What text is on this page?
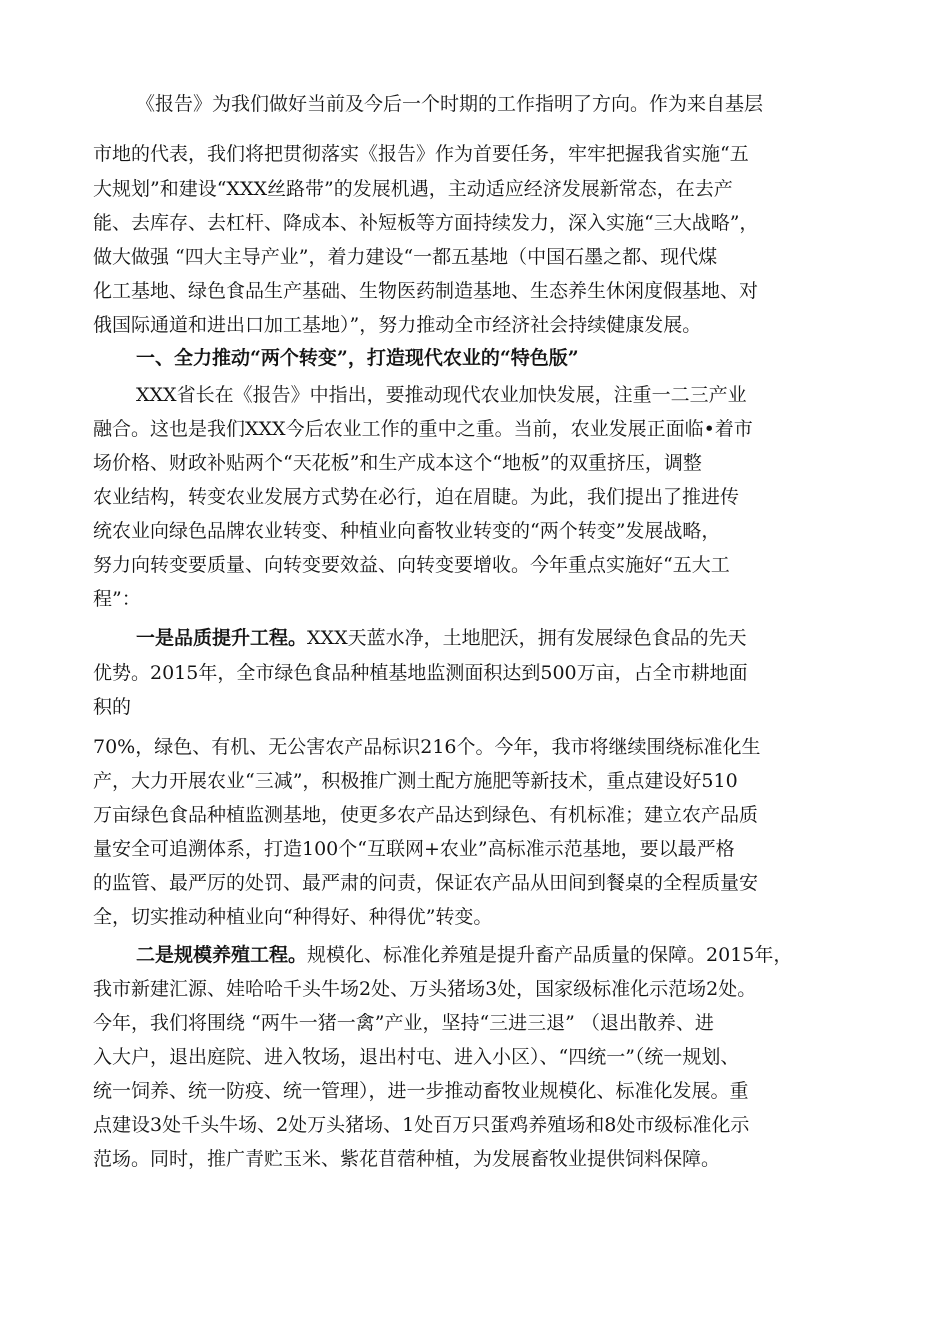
《报告》为我们做好当前及今后一个时期的工作指明了方向。作为来自基层
市地的代表，我们将把贯彻落实《报告》作为首要任务，牢牢把握我省实施“五
大规划”和建设“XXX丝路带”的发展机遇，主动适应经济发展新常态，在去产
能、去库存、去杠杆、降成本、补短板等方面持续发力，深入实施“三大战略”，
做大做强 “四大主导产业”，着力建设“一都五基地（中国石墨之都、现代煤
化工基地、绿色食品生产基础、生物医药制造基地、生态养生休闲度假基地、对
俄国际通道和进出口加工基地）”，努力推动全市经济社会持续健康发展。
一、全力推动“两个转变”，打造现代农业的“特色版”
XXX省长在《报告》中指出，要推动现代农业加快发展，注重一二三产业
融合。这也是我们XXX今后农业工作的重中之重。当前，农业发展正面临•着市
场价格、财政补贴两个“天花板”和生产成本这个“地板”的双重挤压，调整
农业结构，转变农业发展方式势在必行，迫在眉睫。为此，我们提出了推进传
统农业向绿色品牌农业转变、种植业向畜牧业转变的“两个转变”发展战略，
努力向转变要质量、向转变要效益、向转变要增收。今年重点实施好“五大工
程”：
一是品质提升工程。XXX天蓝水净，土地肥沃，拥有发展绿色食品的先天
优势。2015年，全市绿色食品种植基地监测面积达到500万亩，占全市耕地面
积的
70%，绿色、有机、无公害农产品标识216个。今年，我市将继续围绕标准化生
产，大力开展农业“三减”，积极推广测土配方施肥等新技术，重点建设好510
万亩绿色食品种植监测基地，使更多农产品达到绿色、有机标准；建立农产品质
量安全可追溯体系，打造100个“互联网+农业”高标准示范基地，要以最严格
的监管、最严厉的处罚、最严肃的问责，保证农产品从田间到餐桌的全程质量安
全，切实推动种植业向“种得好、种得优”转变。
二是规模养殖工程。规模化、标准化养殖是提升畜产品质量的保障。2015年，
我市新建汇源、娃哈哈千头牛场2处、万头猪场3处，国家级标准化示范场2处。
今年，我们将围绕 “两牛一猪一禽”产业，坚持“三进三退” （退出散养、进
入大户，退出庭院、进入牧场，退出村屯、进入小区）、“四统一”（统一规划、
统一饲养、统一防疫、统一管理），进一步推动畜牧业规模化、标准化发展。重
点建设3处千头牛场、2处万头猪场、1处百万只蛋鸡养殖场和8处市级标准化示
范场。同时，推广青贮玉米、紫花苜蓿种植，为发展畜牧业提供饲料保障。
